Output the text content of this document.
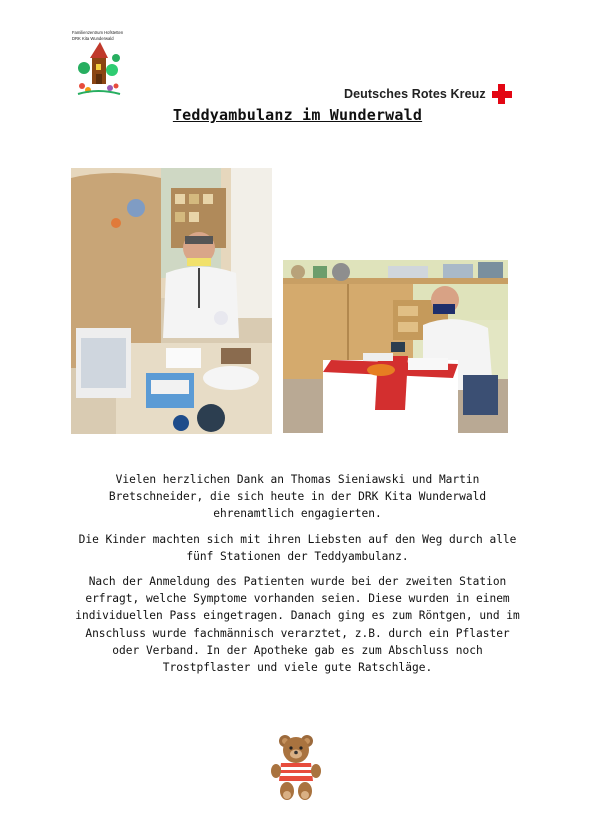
Familienzentrum Hofstetten DRK Kita Wunderwald
Deutsches Rotes Kreuz
Teddyambulanz im Wunderwald

Vielen herzlichen Dank an Thomas Sieniawski und Martin Bretschneider, die sich heute in der DRK Kita Wunderwald ehrenamtlich engagierten.

Die Kinder machten sich mit ihren Liebsten auf den Weg durch alle fünf Stationen der Teddyambulanz.

Nach der Anmeldung des Patienten wurde bei der zweiten Station erfragt, welche Symptome vorhanden seien. Diese wurden in einem individuellen Pass eingetragen. Danach ging es zum Röntgen, und im Anschluss wurde fachmännisch verarztet, z.B. durch ein Pflaster oder Verband. In der Apotheke gab es zum Abschluss noch Trostpflaster und viele gute Ratschläge.
